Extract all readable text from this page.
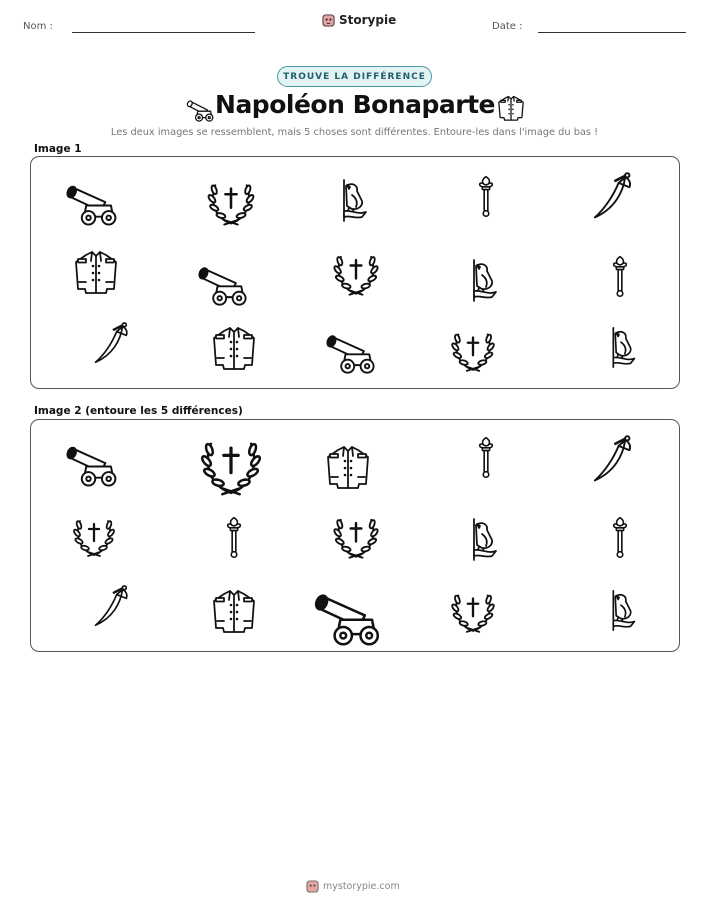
Nom :	Storypie	Date :
TROUVE LA DIFFÉRENCE
Napoléon Bonaparte
Les deux images se ressemblent, mais 5 choses sont différentes. Entoure-les dans l'image du bas !
Image 1
Image 2 (entoure les 5 différences)
mystorypie.com
